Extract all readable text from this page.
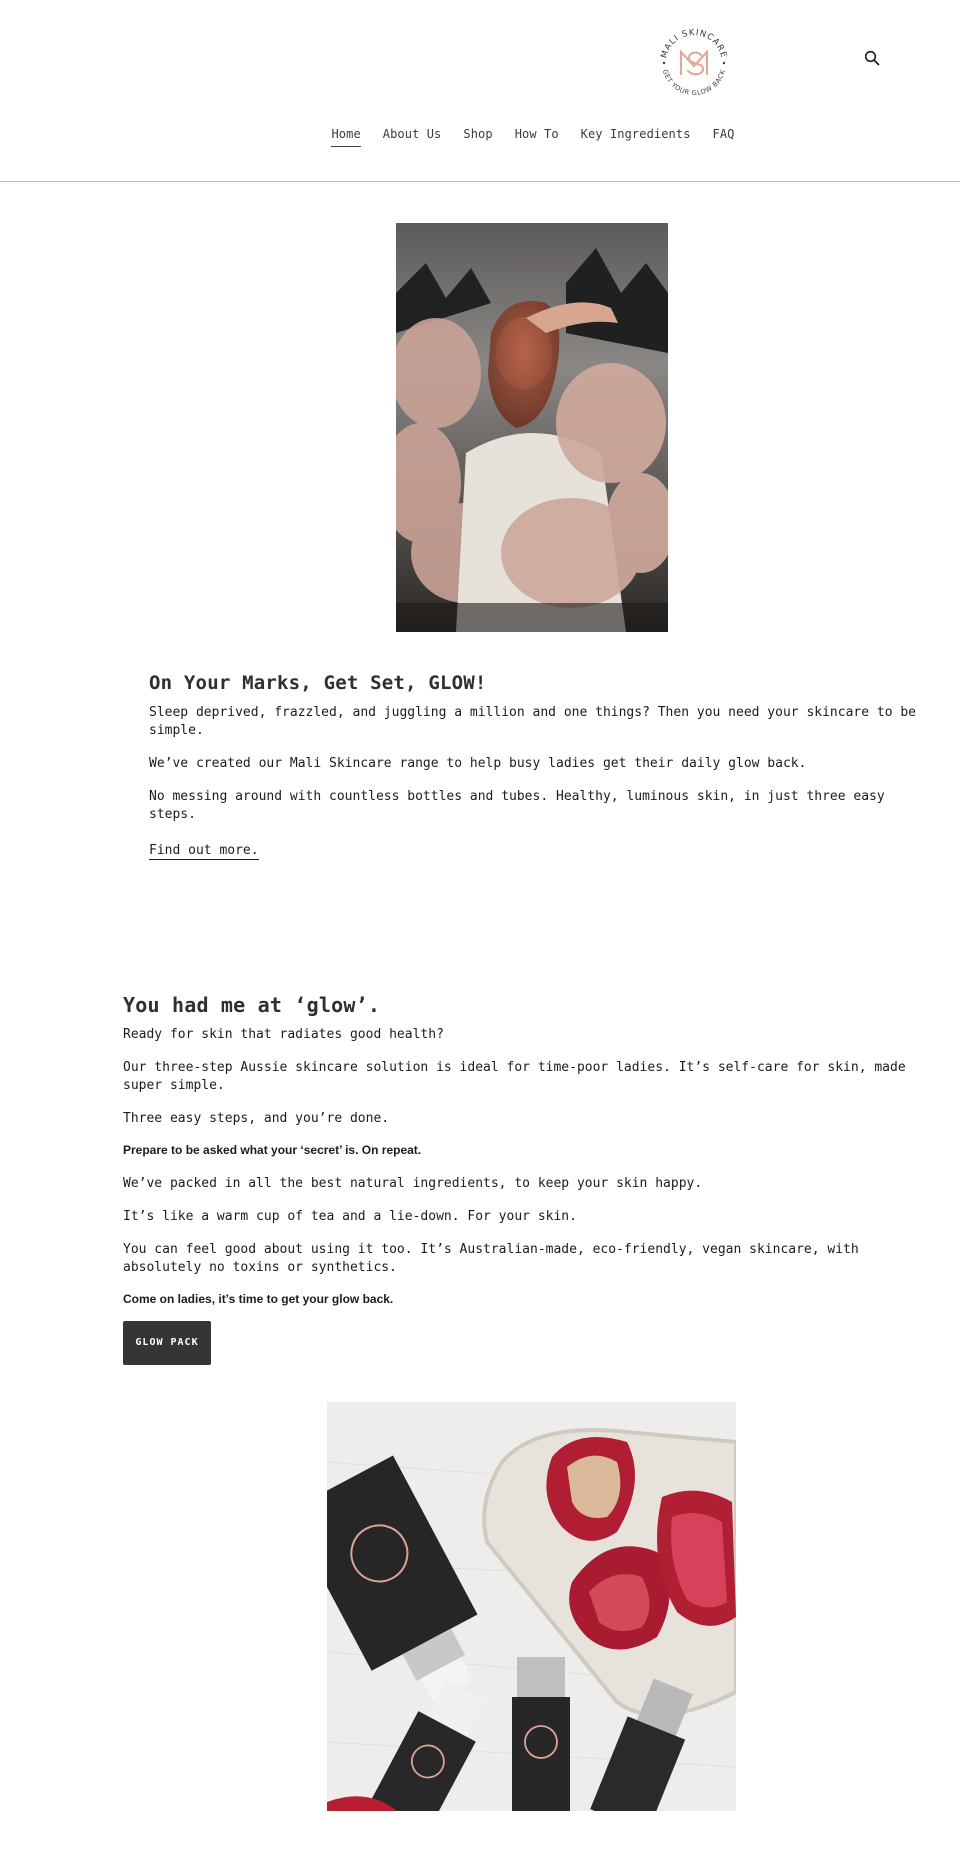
MALI SKINCARE
GET YOUR GLOW BACK
Home About Us Shop How To Key Ingredients FAQ
On Your Marks, Get Set, GLOW!

Sleep deprived, frazzled, and juggling a million and one things? Then you need your skincare to be simple.

We’ve created our Mali Skincare range to help busy ladies get their daily glow back.

No messing around with countless bottles and tubes. Healthy, luminous skin, in just three easy steps.

Find out more.
You had me at ‘glow’.

Ready for skin that radiates good health?

Our three-step Aussie skincare solution is ideal for time-poor ladies. It’s self-care for skin, made super simple.

Three easy steps, and you’re done.

Prepare to be asked what your ‘secret’ is. On repeat.

We’ve packed in all the best natural ingredients, to keep your skin happy.

It’s like a warm cup of tea and a lie-down. For your skin.

You can feel good about using it too. It’s Australian-made, eco-friendly, vegan skincare, with absolutely no toxins or synthetics.

Come on ladies, it’s time to get your glow back.

GLOW PACK
